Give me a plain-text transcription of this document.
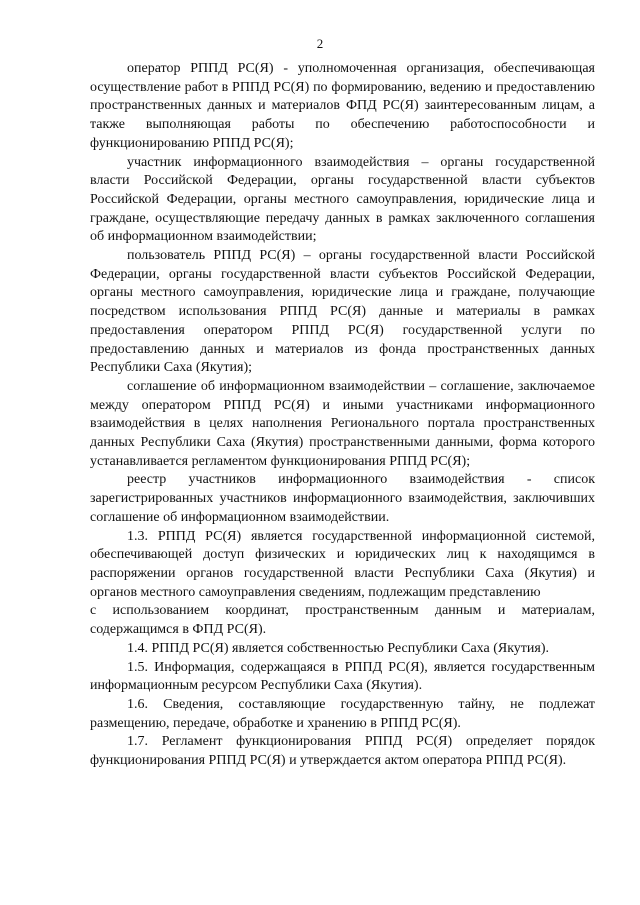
2

оператор РППД РС(Я) - уполномоченная организация, обеспечивающая осуществление работ в РППД РС(Я) по формированию, ведению и предоставлению пространственных данных и материалов ФПД РС(Я) заинтересованным лицам, а также выполняющая работы по обеспечению работоспособности и функционированию РППД РС(Я);

участник информационного взаимодействия – органы государственной власти Российской Федерации, органы государственной власти субъектов Российской Федерации, органы местного самоуправления, юридические лица и граждане, осуществляющие передачу данных в рамках заключенного соглашения об информационном взаимодействии;

пользователь РППД РС(Я) – органы государственной власти Российской Федерации, органы государственной власти субъектов Российской Федерации, органы местного самоуправления, юридические лица и граждане, получающие посредством использования РППД РС(Я) данные и материалы в рамках предоставления оператором РППД РС(Я) государственной услуги по предоставлению данных и материалов из фонда пространственных данных Республики Саха (Якутия);

соглашение об информационном взаимодействии – соглашение, заключаемое между оператором РППД РС(Я) и иными участниками информационного взаимодействия в целях наполнения Регионального портала пространственных данных Республики Саха (Якутия) пространственными данными, форма которого устанавливается регламентом функционирования РППД РС(Я);

реестр участников информационного взаимодействия - список зарегистрированных участников информационного взаимодействия, заключивших соглашение об информационном взаимодействии.

1.3. РППД РС(Я) является государственной информационной системой, обеспечивающей доступ физических и юридических лиц к находящимся в распоряжении органов государственной власти Республики Саха (Якутия) и органов местного самоуправления сведениям, подлежащим представлению

с использованием координат, пространственным данным и материалам, содержащимся в ФПД РС(Я).

1.4. РППД РС(Я) является собственностью Республики Саха (Якутия).

1.5. Информация, содержащаяся в РППД РС(Я), является государственным информационным ресурсом Республики Саха (Якутия).

1.6. Сведения, составляющие государственную тайну, не подлежат размещению, передаче, обработке и хранению в РППД РС(Я).

1.7. Регламент функционирования РППД РС(Я) определяет порядок функционирования РППД РС(Я) и утверждается актом оператора РППД РС(Я).
